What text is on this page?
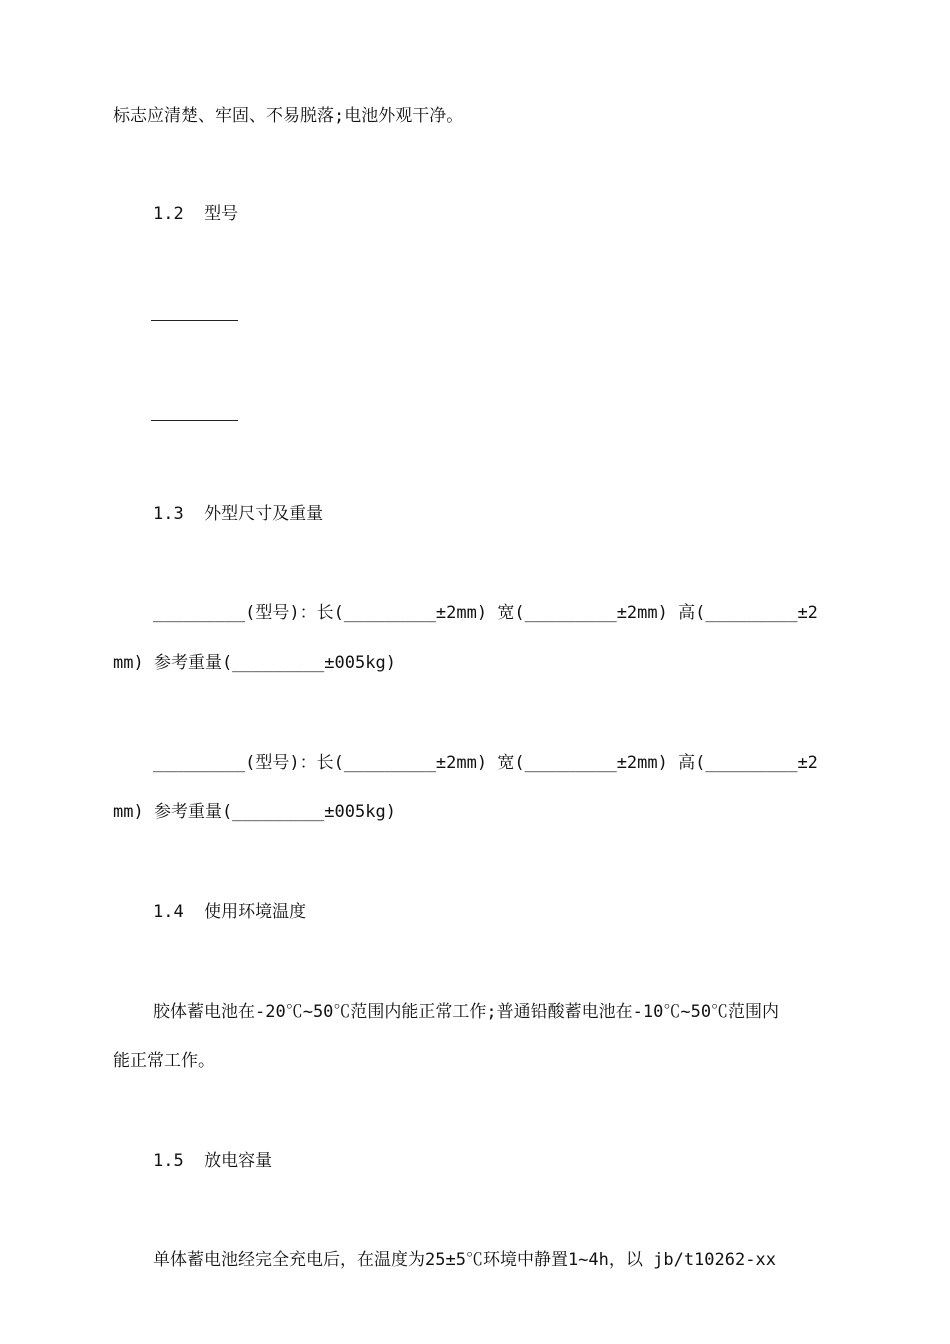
标志应清楚、牢固、不易脱落;电池外观干净。
1.2  型号
1.3  外型尺寸及重量
_________(型号)：长(_________±2mm) 宽(_________±2mm) 高(_________±2
mm) 参考重量(_________±005kg)
_________(型号)：长(_________±2mm) 宽(_________±2mm) 高(_________±2
mm) 参考重量(_________±005kg)
1.4  使用环境温度
胶体蓄电池在-20℃~50℃范围内能正常工作;普通铅酸蓄电池在-10℃~50℃范围内
能正常工作。
1.5  放电容量
单体蓄电池经完全充电后，在温度为25±5℃环境中静置1~4h，以 jb/t10262-xx
